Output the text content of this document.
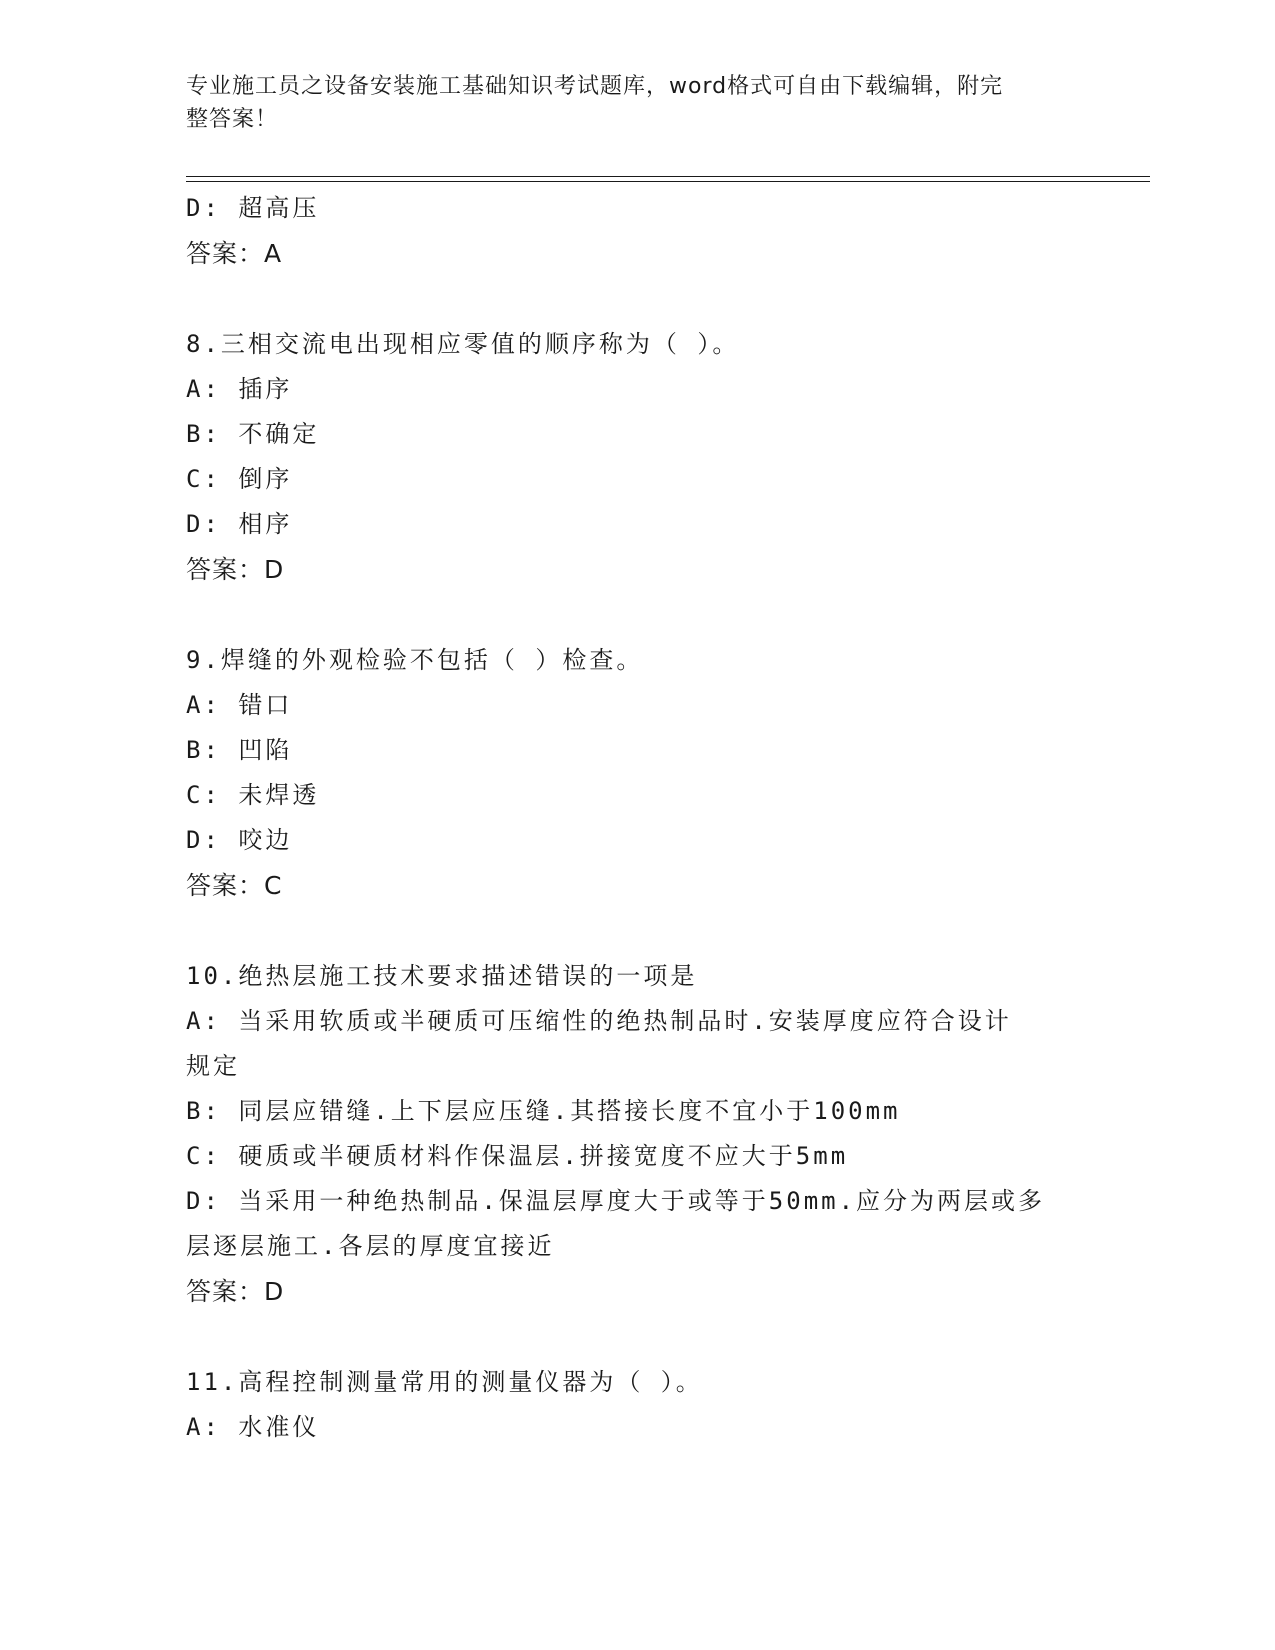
专业施工员之设备安装施工基础知识考试题库，word格式可自由下载编辑，附完
整答案！
D: 超高压
答案：A
8.三相交流电出现相应零值的顺序称为（ ）。
A: 插序
B: 不确定
C: 倒序
D: 相序
答案：D
9.焊缝的外观检验不包括（ ）检查。
A: 错口
B: 凹陷
C: 未焊透
D: 咬边
答案：C
10.绝热层施工技术要求描述错误的一项是
A: 当采用软质或半硬质可压缩性的绝热制品时.安装厚度应符合设计
规定
B: 同层应错缝.上下层应压缝.其搭接长度不宜小于100mm
C: 硬质或半硬质材料作保温层.拼接宽度不应大于5mm
D: 当采用一种绝热制品.保温层厚度大于或等于50mm.应分为两层或多
层逐层施工.各层的厚度宜接近
答案：D
11.高程控制测量常用的测量仪器为（ ）。
A: 水准仪
